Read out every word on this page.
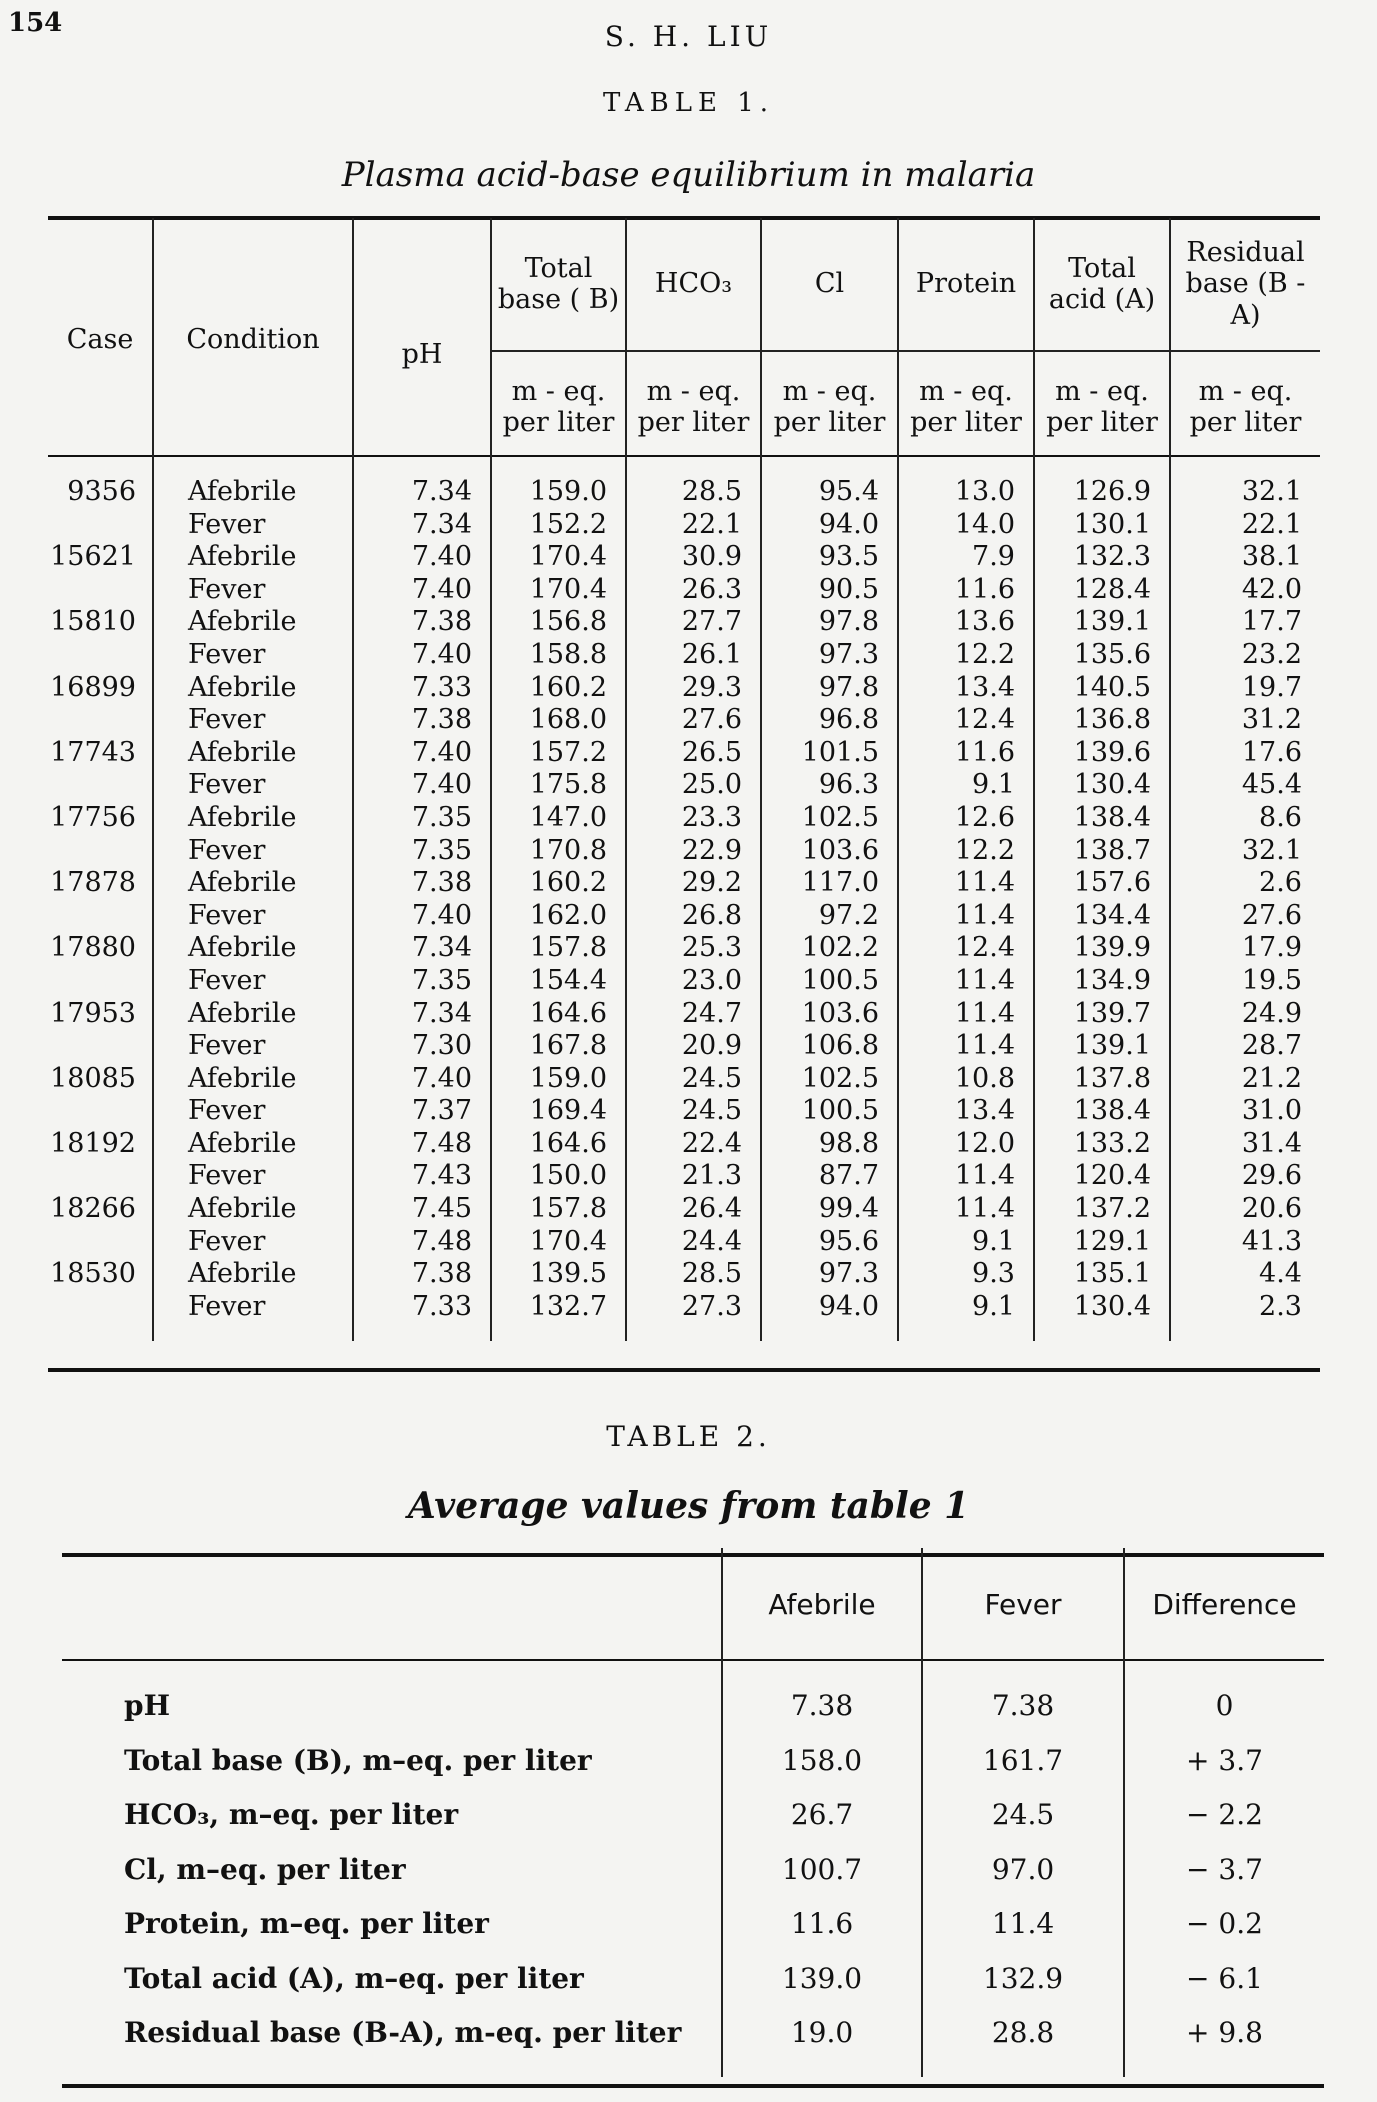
154	S. H. LIU
TABLE 1.
Plasma acid-base equilibrium in malaria
Case	Condition	pH	Total base ( B)	HCO₃	Cl	Protein	Total acid (A)	Residual base (B - A)
			m - eq. per liter	m - eq. per liter	m - eq. per liter	m - eq. per liter	m - eq. per liter	m - eq. per liter
9356	Afebrile	7.34	159.0	28.5	95.4	13.0	126.9	32.1
	Fever	7.34	152.2	22.1	94.0	14.0	130.1	22.1
15621	Afebrile	7.40	170.4	30.9	93.5	7.9	132.3	38.1
	Fever	7.40	170.4	26.3	90.5	11.6	128.4	42.0
15810	Afebrile	7.38	156.8	27.7	97.8	13.6	139.1	17.7
	Fever	7.40	158.8	26.1	97.3	12.2	135.6	23.2
16899	Afebrile	7.33	160.2	29.3	97.8	13.4	140.5	19.7
	Fever	7.38	168.0	27.6	96.8	12.4	136.8	31.2
17743	Afebrile	7.40	157.2	26.5	101.5	11.6	139.6	17.6
	Fever	7.40	175.8	25.0	96.3	9.1	130.4	45.4
17756	Afebrile	7.35	147.0	23.3	102.5	12.6	138.4	8.6
	Fever	7.35	170.8	22.9	103.6	12.2	138.7	32.1
17878	Afebrile	7.38	160.2	29.2	117.0	11.4	157.6	2.6
	Fever	7.40	162.0	26.8	97.2	11.4	134.4	27.6
17880	Afebrile	7.34	157.8	25.3	102.2	12.4	139.9	17.9
	Fever	7.35	154.4	23.0	100.5	11.4	134.9	19.5
17953	Afebrile	7.34	164.6	24.7	103.6	11.4	139.7	24.9
	Fever	7.30	167.8	20.9	106.8	11.4	139.1	28.7
18085	Afebrile	7.40	159.0	24.5	102.5	10.8	137.8	21.2
	Fever	7.37	169.4	24.5	100.5	13.4	138.4	31.0
18192	Afebrile	7.48	164.6	22.4	98.8	12.0	133.2	31.4
	Fever	7.43	150.0	21.3	87.7	11.4	120.4	29.6
18266	Afebrile	7.45	157.8	26.4	99.4	11.4	137.2	20.6
	Fever	7.48	170.4	24.4	95.6	9.1	129.1	41.3
18530	Afebrile	7.38	139.5	28.5	97.3	9.3	135.1	4.4
	Fever	7.33	132.7	27.3	94.0	9.1	130.4	2.3

TABLE 2.
Average values from table 1
	Afebrile	Fever	Difference
pH	7.38	7.38	0
Total base (B), m–eq. per liter	158.0	161.7	+ 3.7
HCO₃, m–eq. per liter	26.7	24.5	− 2.2
Cl, m–eq. per liter	100.7	97.0	− 3.7
Protein, m–eq. per liter	11.6	11.4	− 0.2
Total acid (A), m–eq. per liter	139.0	132.9	− 6.1
Residual base (B-A), m-eq. per liter	19.0	28.8	+ 9.8
